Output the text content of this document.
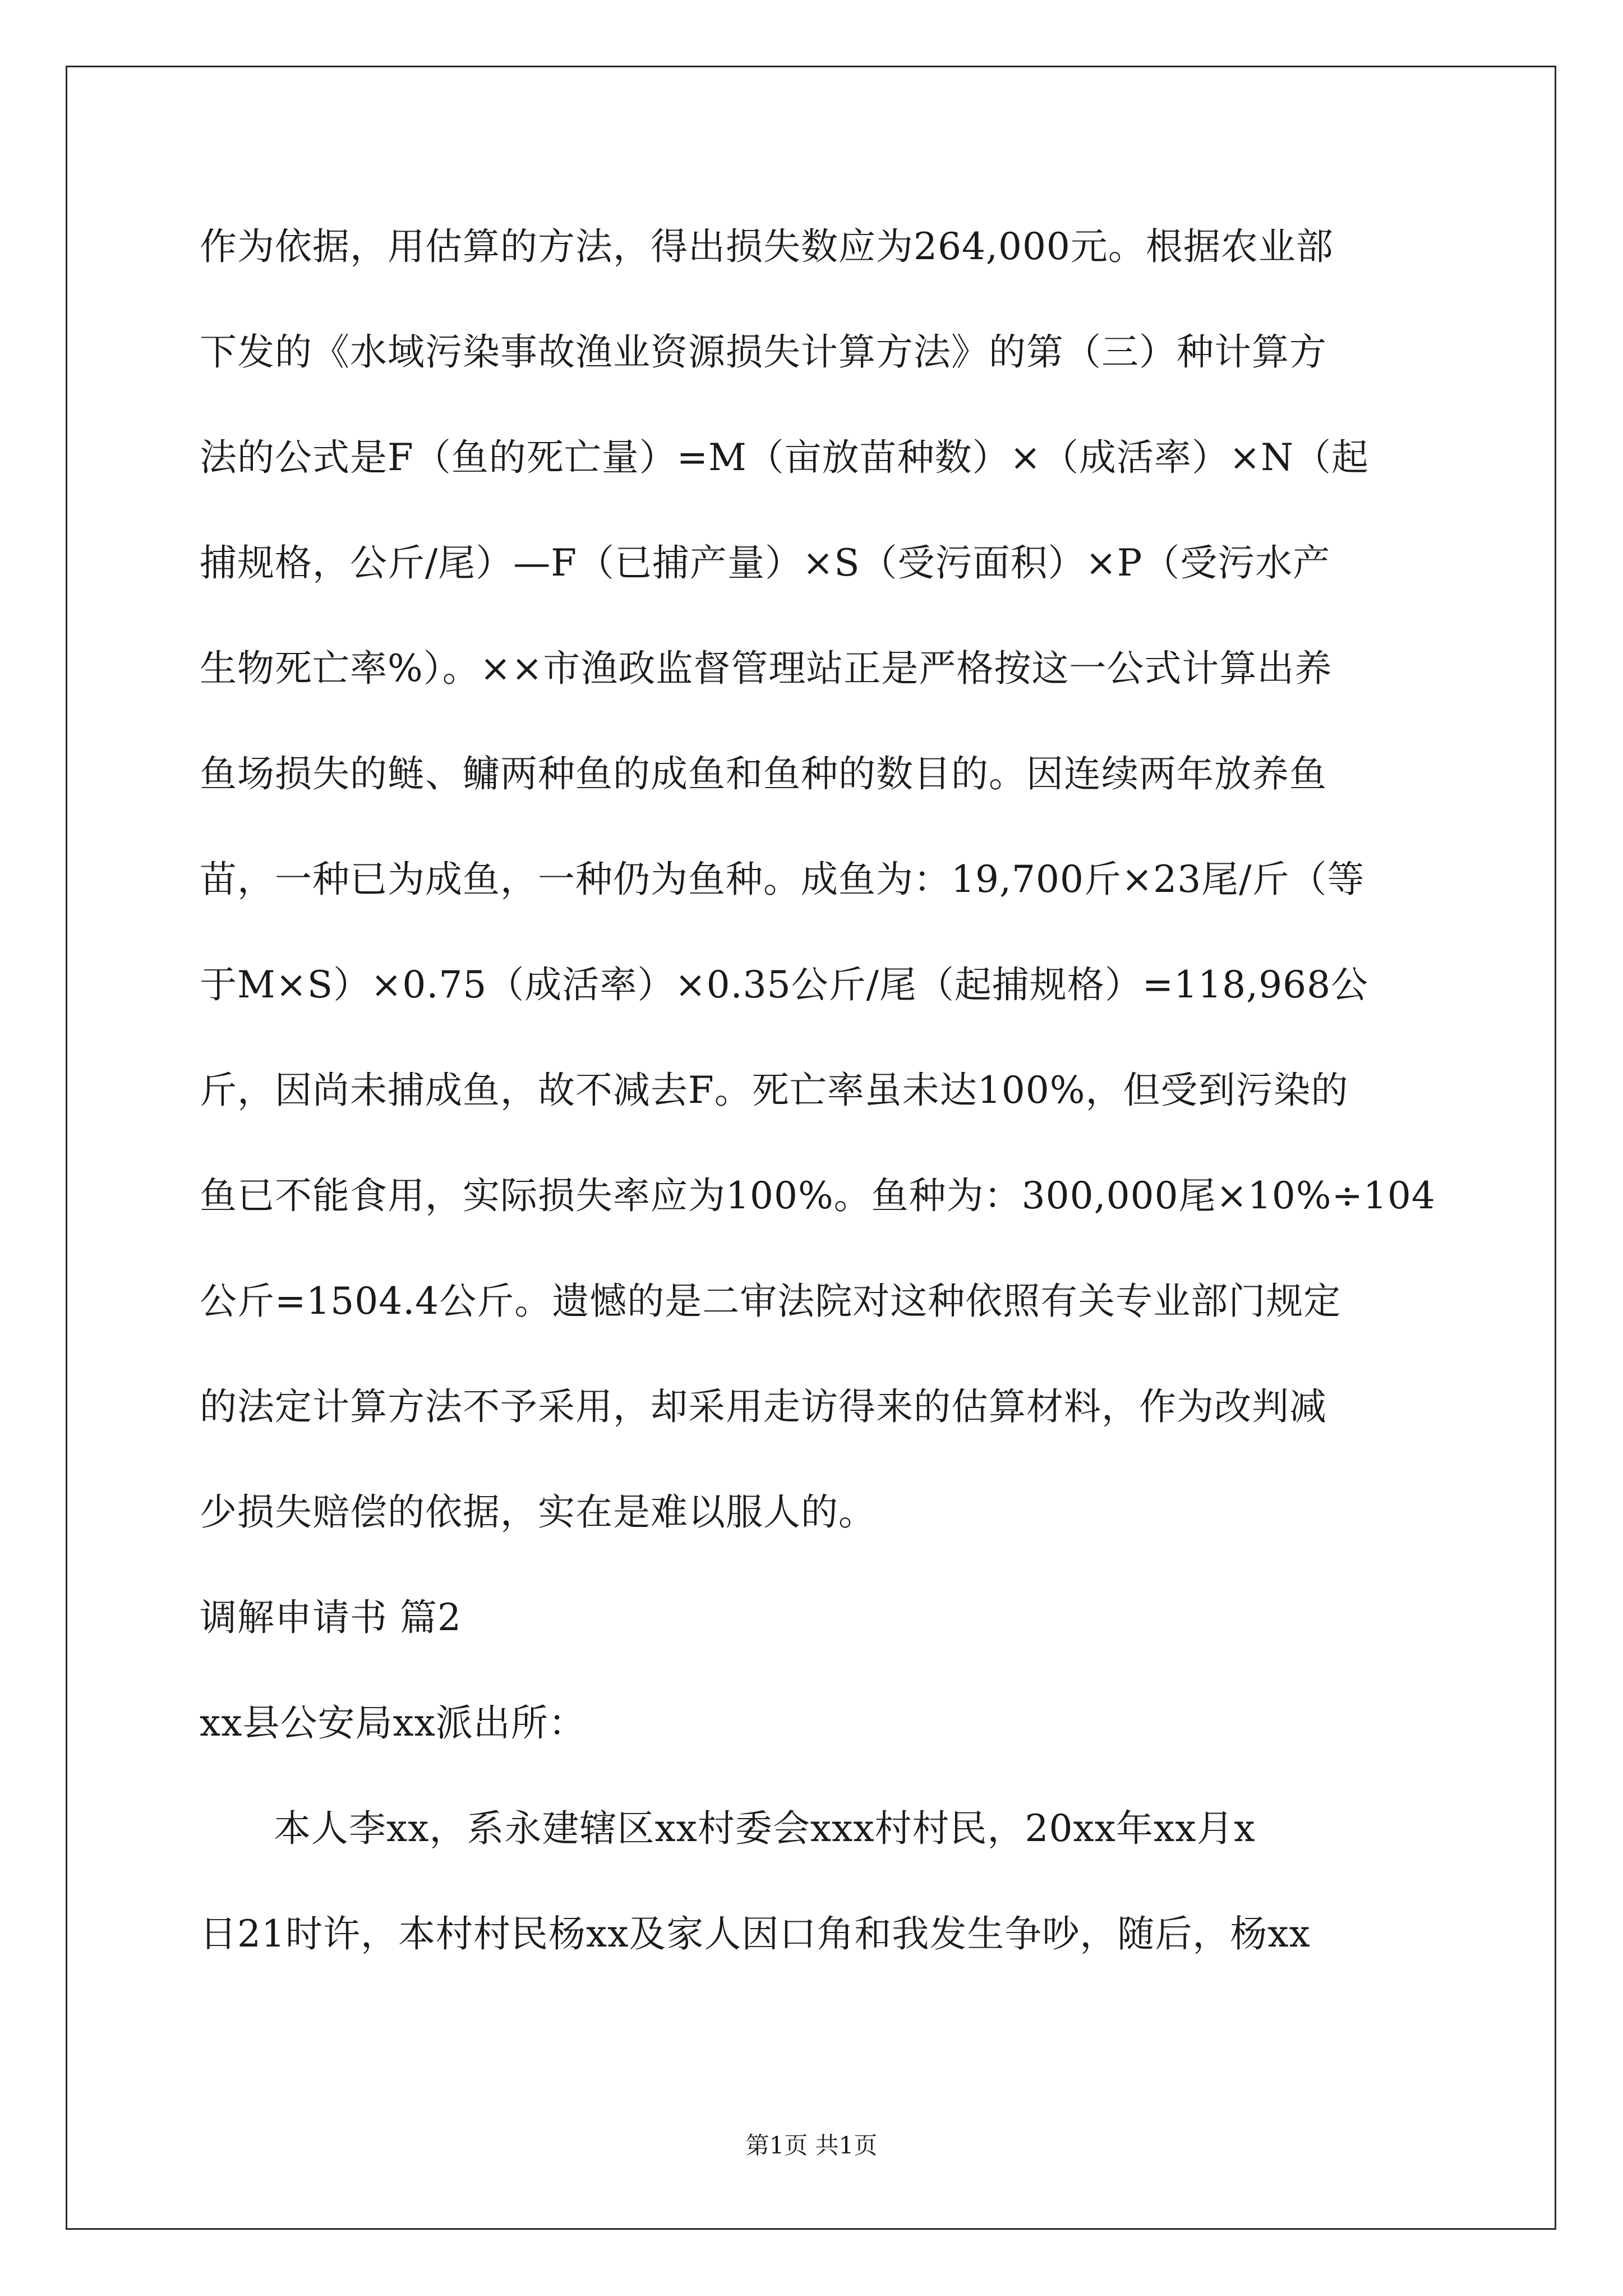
作为依据，用估算的方法，得出损失数应为264,000元。根据农业部
下发的《水域污染事故渔业资源损失计算方法》的第（三）种计算方
法的公式是F（鱼的死亡量）=M（亩放苗种数）×（成活率）×N（起
捕规格，公斤/尾）—F（已捕产量）×S（受污面积）×P（受污水产
生物死亡率%）。××市渔政监督管理站正是严格按这一公式计算出养
鱼场损失的鲢、鳙两种鱼的成鱼和鱼种的数目的。因连续两年放养鱼
苗，一种已为成鱼，一种仍为鱼种。成鱼为：19,700斤×23尾/斤（等
于M×S）×0.75（成活率）×0.35公斤/尾（起捕规格）=118,968公
斤，因尚未捕成鱼，故不减去F。死亡率虽未达100%，但受到污染的
鱼已不能食用，实际损失率应为100%。鱼种为：300,000尾×10%÷104
公斤=1504.4公斤。遗憾的是二审法院对这种依照有关专业部门规定
的法定计算方法不予采用，却采用走访得来的估算材料，作为改判减
少损失赔偿的依据，实在是难以服人的。
调解申请书 篇2
xx县公安局xx派出所：
本人李xx，系永建辖区xx村委会xxx村村民，20xx年xx月x
日21时许，本村村民杨xx及家人因口角和我发生争吵，随后，杨xx
第1页 共1页
